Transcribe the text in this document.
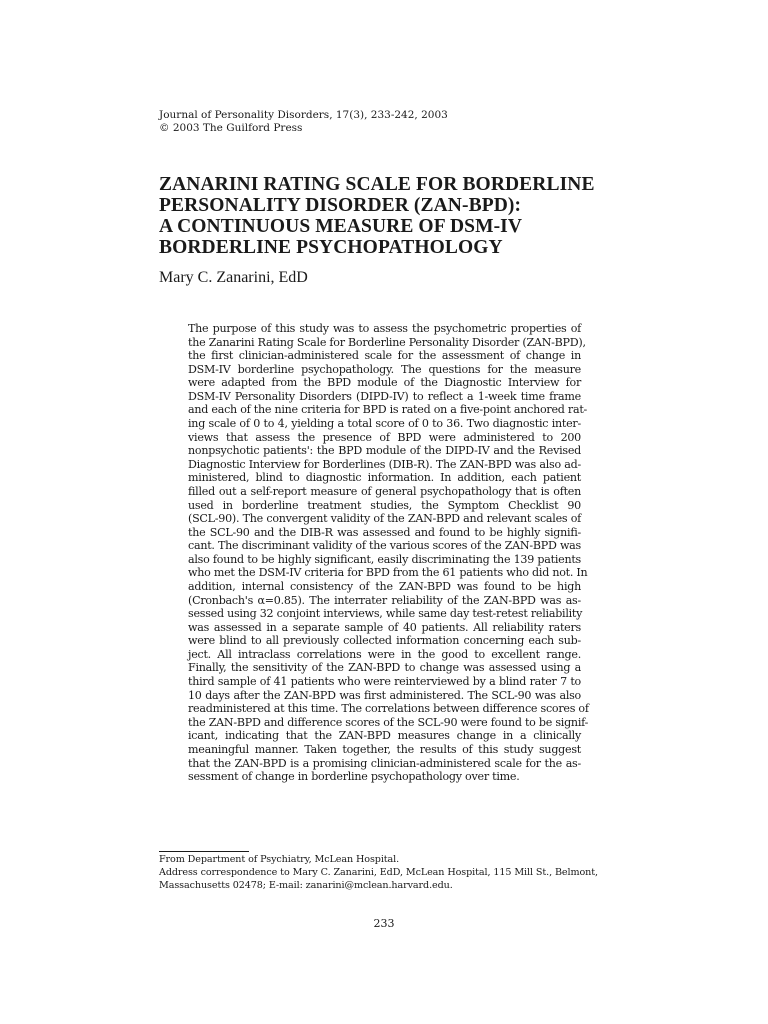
Journal of Personality Disorders, 17(3), 233-242, 2003
© 2003 The Guilford Press
ZANARINI RATING SCALE FOR BORDERLINE
PERSONALITY DISORDER (ZAN-BPD):
A CONTINUOUS MEASURE OF DSM-IV
BORDERLINE PSYCHOPATHOLOGY
Mary C. Zanarini, EdD
The purpose of this study was to assess the psychometric properties of
the Zanarini Rating Scale for Borderline Personality Disorder (ZAN-BPD),
the first clinician-administered scale for the assessment of change in
DSM-IV borderline psychopathology. The questions for the measure
were adapted from the BPD module of the Diagnostic Interview for
DSM-IV Personality Disorders (DIPD-IV) to reflect a 1-week time frame
and each of the nine criteria for BPD is rated on a five-point anchored rat-
ing scale of 0 to 4, yielding a total score of 0 to 36. Two diagnostic inter-
views that assess the presence of BPD were administered to 200
nonpsychotic patients': the BPD module of the DIPD-IV and the Revised
Diagnostic Interview for Borderlines (DIB-R). The ZAN-BPD was also ad-
ministered, blind to diagnostic information. In addition, each patient
filled out a self-report measure of general psychopathology that is often
used in borderline treatment studies, the Symptom Checklist 90
(SCL-90). The convergent validity of the ZAN-BPD and relevant scales of
the SCL-90 and the DIB-R was assessed and found to be highly signifi-
cant. The discriminant validity of the various scores of the ZAN-BPD was
also found to be highly significant, easily discriminating the 139 patients
who met the DSM-IV criteria for BPD from the 61 patients who did not. In
addition, internal consistency of the ZAN-BPD was found to be high
(Cronbach's α=0.85). The interrater reliability of the ZAN-BPD was as-
sessed using 32 conjoint interviews, while same day test-retest reliability
was assessed in a separate sample of 40 patients. All reliability raters
were blind to all previously collected information concerning each sub-
ject. All intraclass correlations were in the good to excellent range.
Finally, the sensitivity of the ZAN-BPD to change was assessed using a
third sample of 41 patients who were reinterviewed by a blind rater 7 to
10 days after the ZAN-BPD was first administered. The SCL-90 was also
readministered at this time. The correlations between difference scores of
the ZAN-BPD and difference scores of the SCL-90 were found to be signif-
icant, indicating that the ZAN-BPD measures change in a clinically
meaningful manner. Taken together, the results of this study suggest
that the ZAN-BPD is a promising clinician-administered scale for the as-
sessment of change in borderline psychopathology over time.
From Department of Psychiatry, McLean Hospital.
Address correspondence to Mary C. Zanarini, EdD, McLean Hospital, 115 Mill St., Belmont,
Massachusetts 02478; E-mail: zanarini@mclean.harvard.edu.
233
